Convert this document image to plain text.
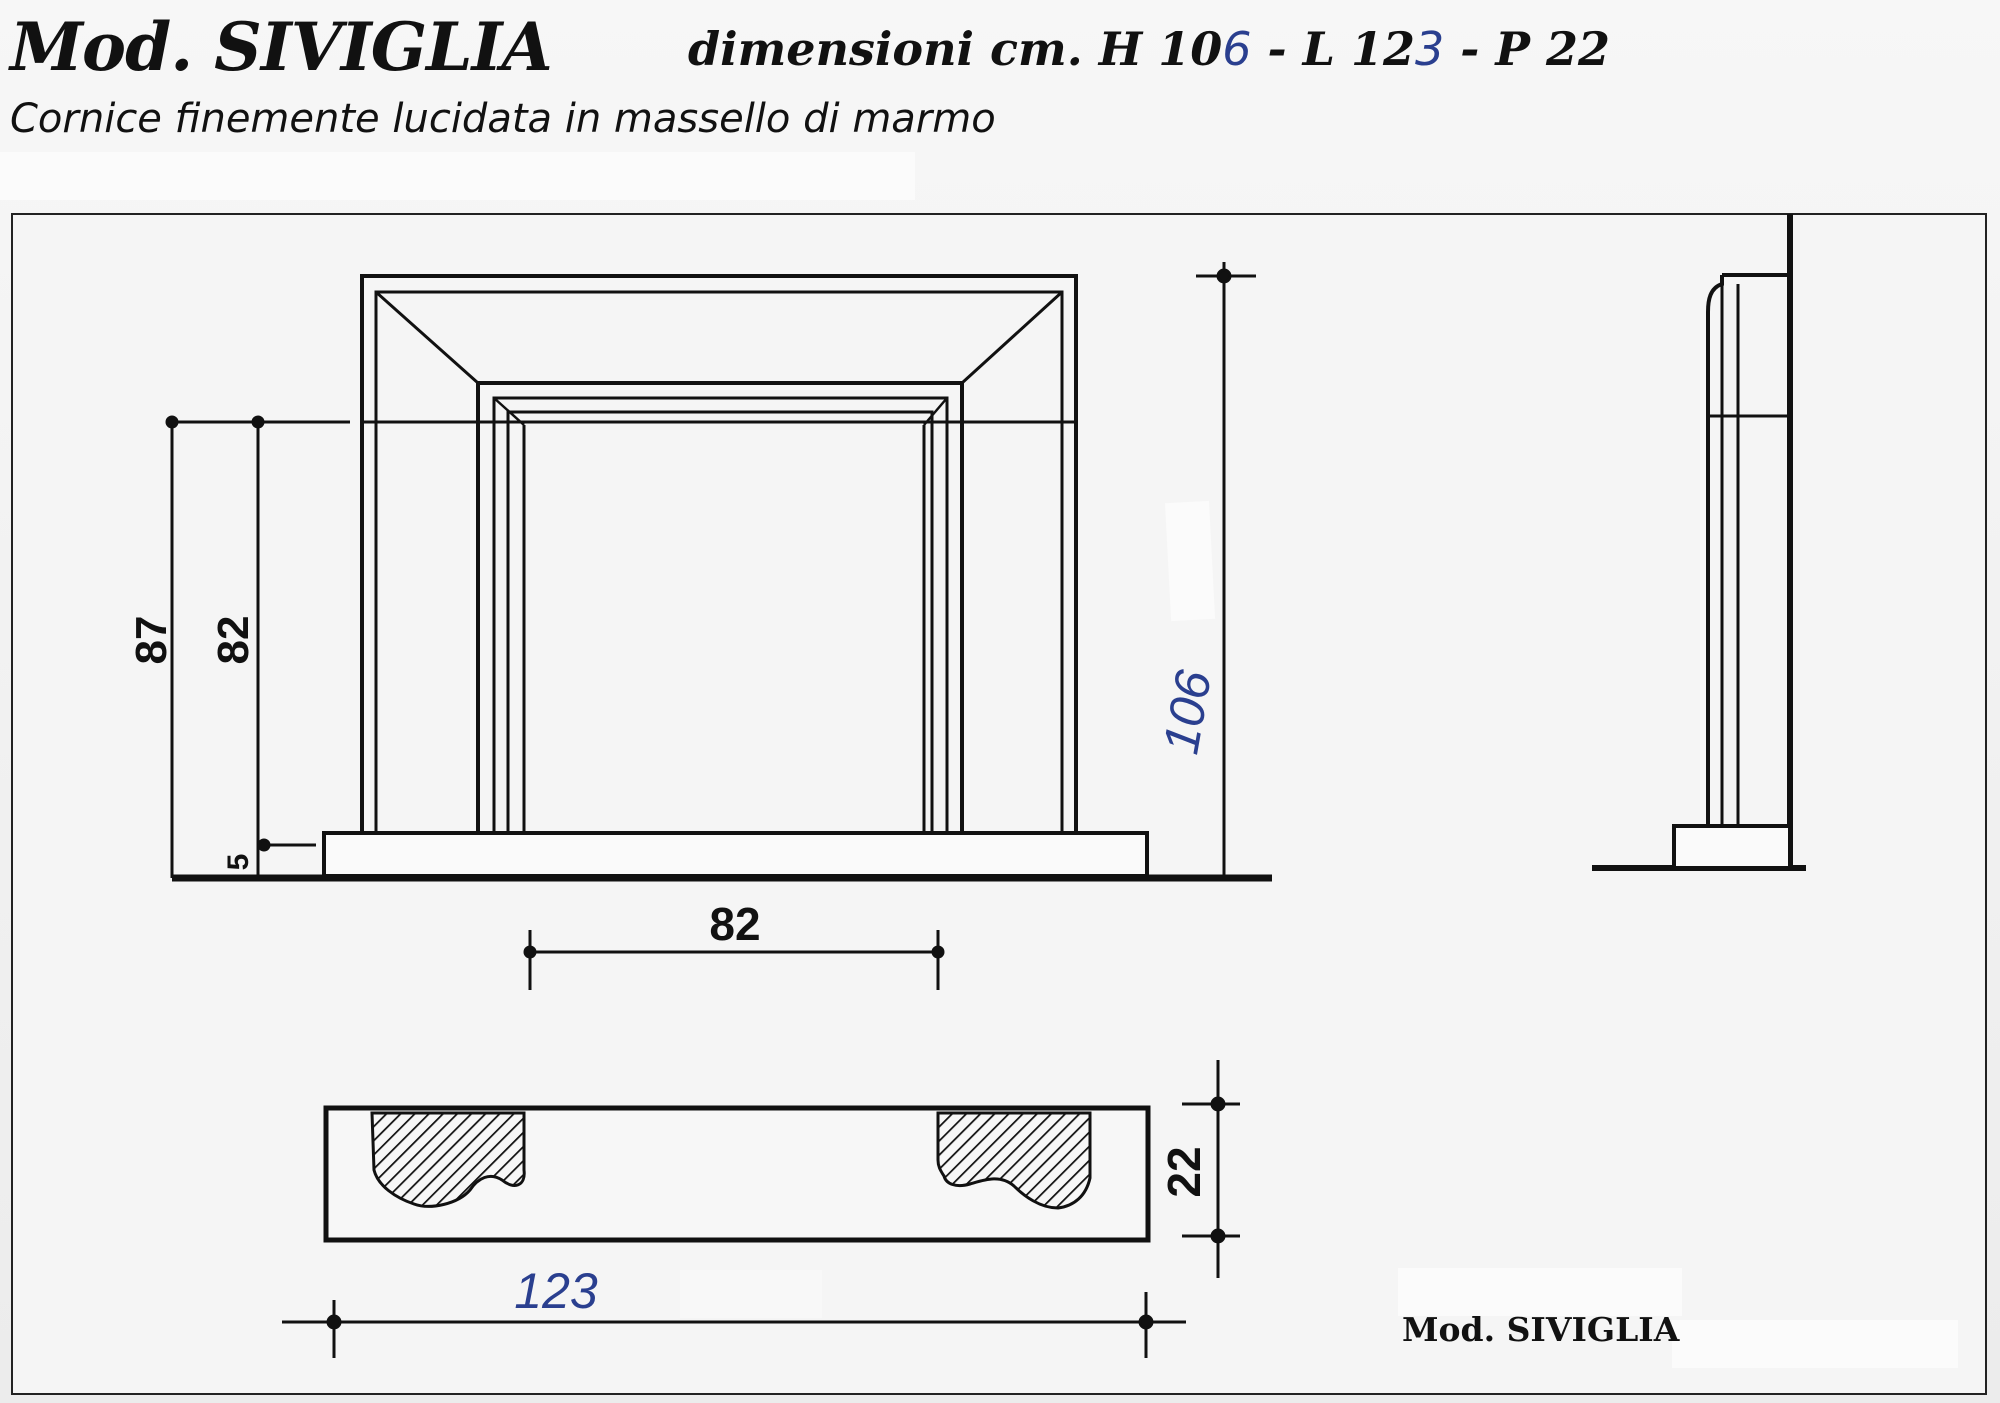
Mod. SIVIGLIA	dimensioni cm. H 106 - L 123 - P 22
Cornice finemente lucidata in massello di marmo
87 82
5
82
106
22
123
Mod. SIVIGLIA
